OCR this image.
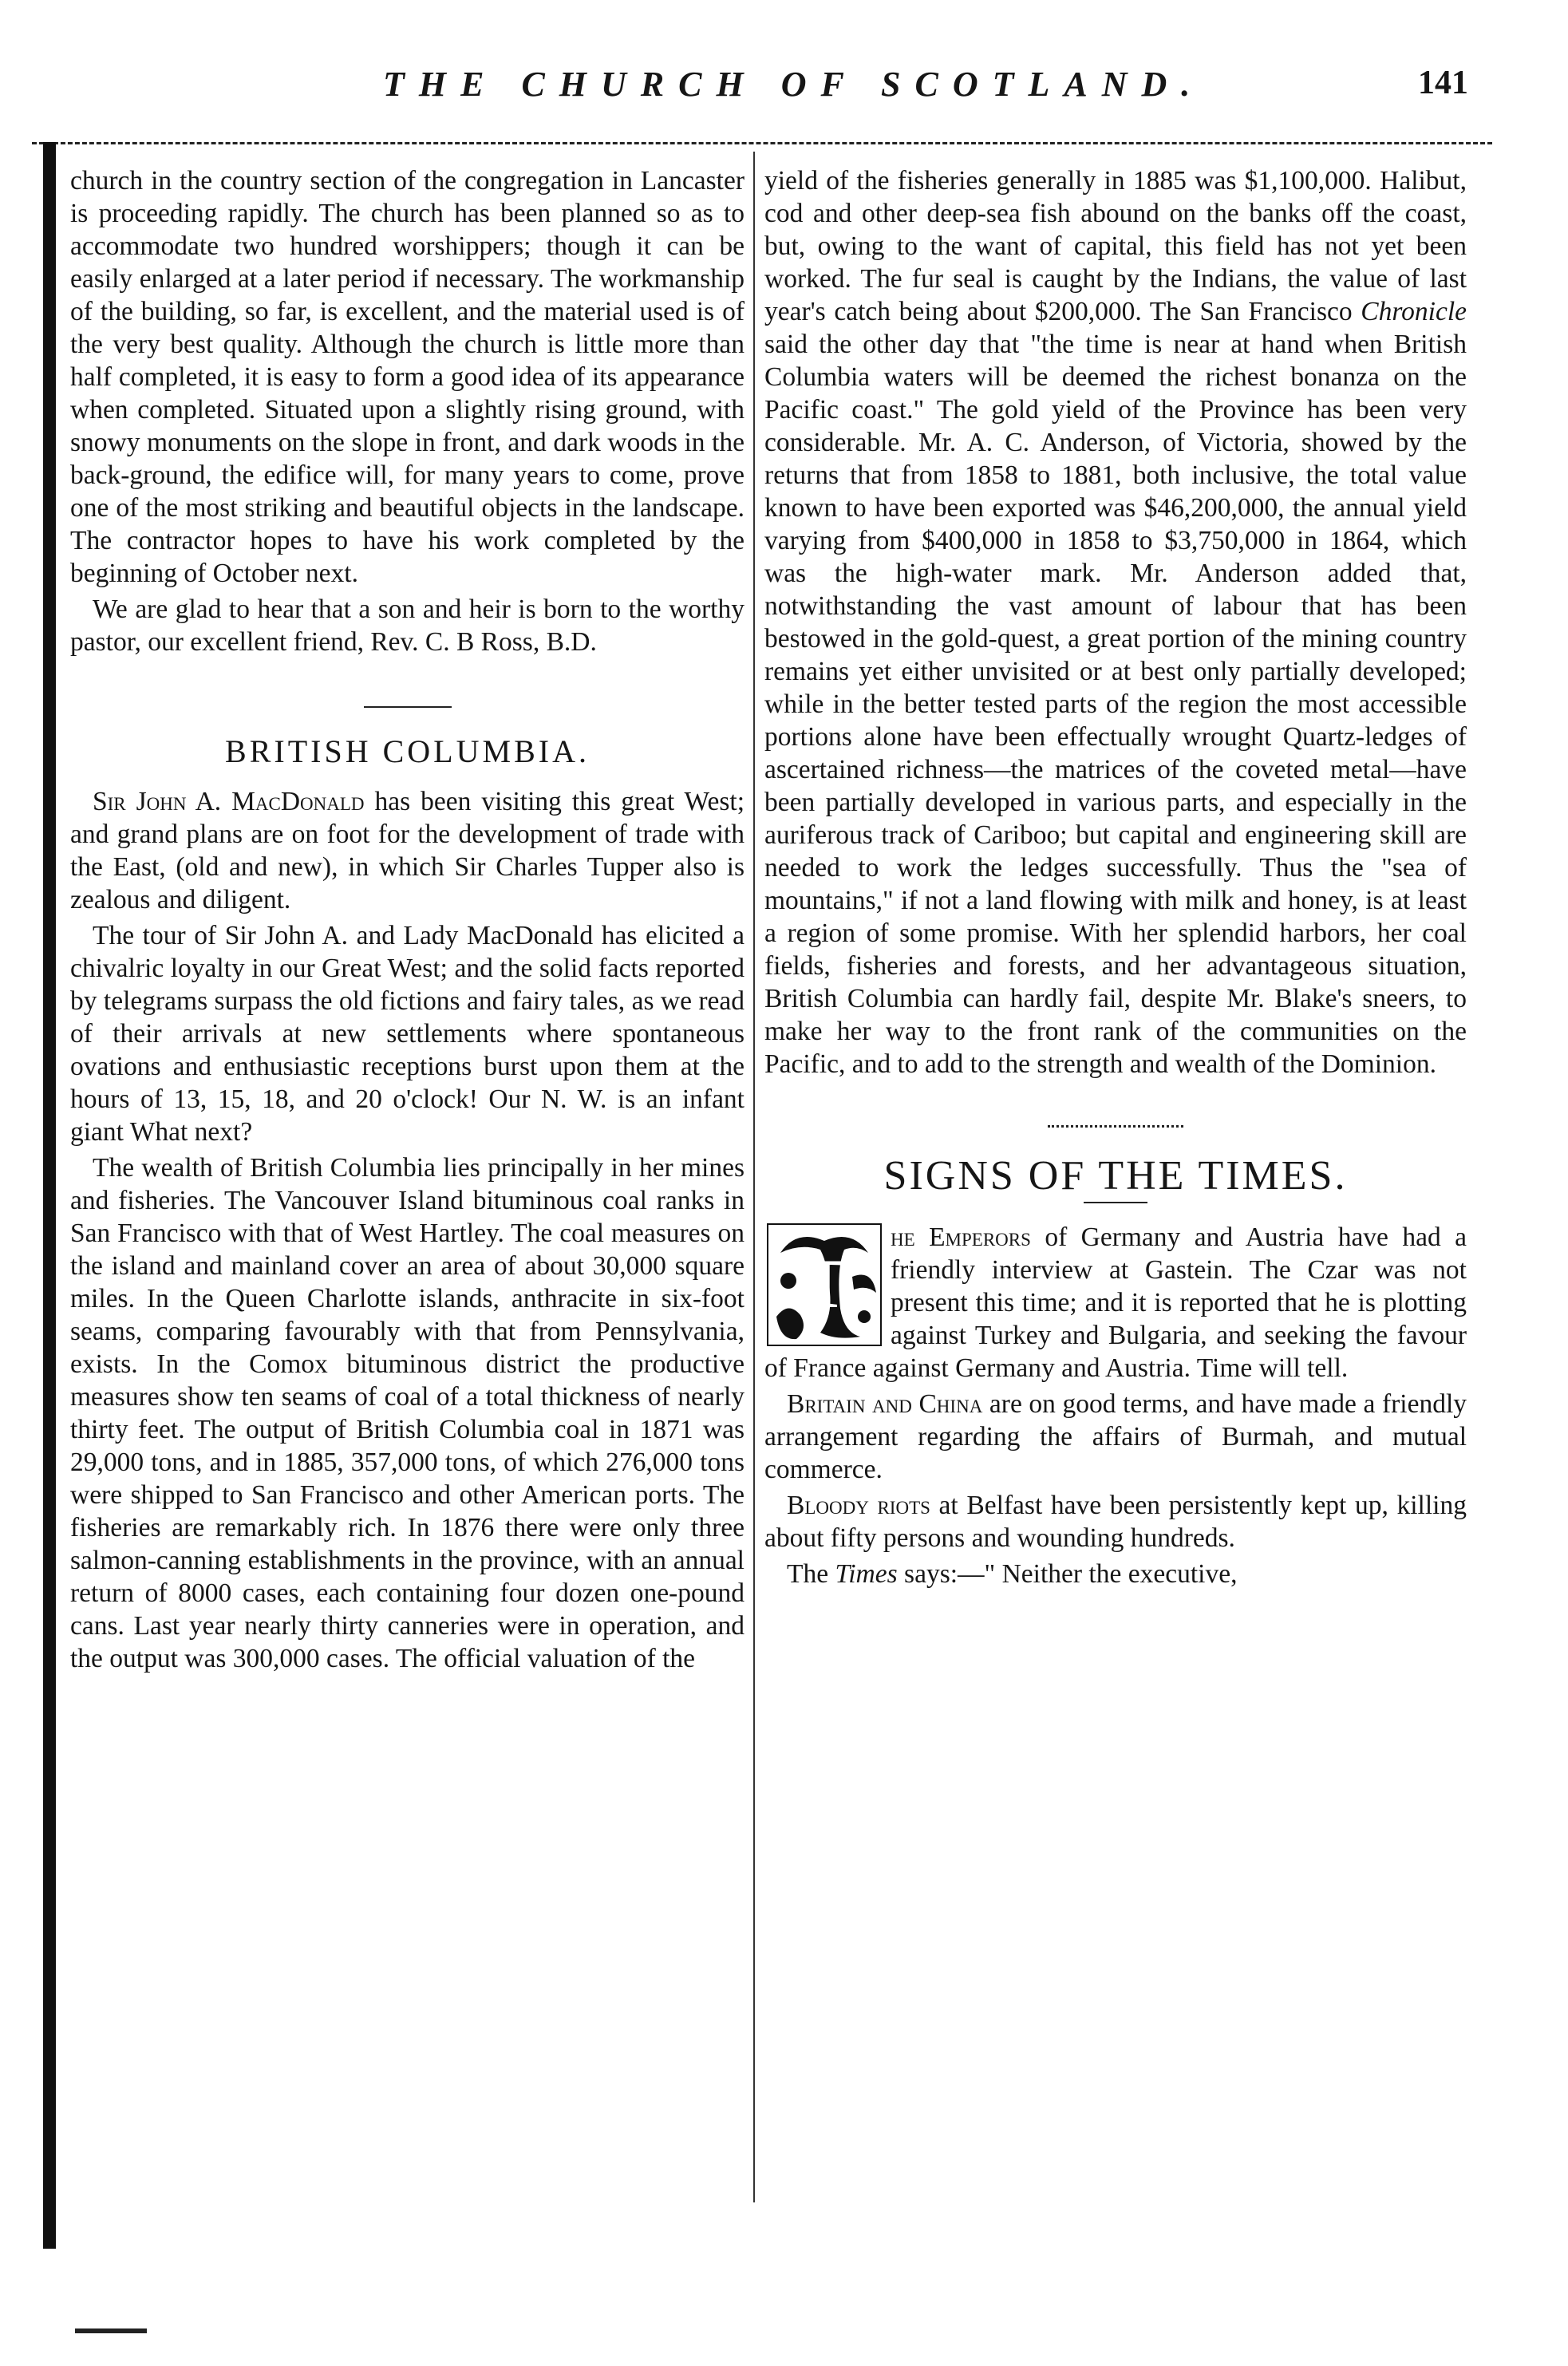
THE CHURCH OF SCOTLAND.	141

church in the country section of the congregation in Lancaster is proceeding rapidly. The church has been planned so as to accommodate two hundred worshippers; though it can be easily enlarged at a later period if necessary. The workmanship of the building, so far, is excellent, and the material used is of the very best quality. Although the church is little more than half completed, it is easy to form a good idea of its appearance when completed. Situated upon a slightly rising ground, with snowy monuments on the slope in front, and dark woods in the back-ground, the edifice will, for many years to come, prove one of the most striking and beautiful objects in the landscape. The contractor hopes to have his work completed by the beginning of October next.

We are glad to hear that a son and heir is born to the worthy pastor, our excellent friend, Rev. C. B Ross, B.D.

BRITISH COLUMBIA.

Sir John A. MacDonald has been visiting this great West; and grand plans are on foot for the development of trade with the East, (old and new), in which Sir Charles Tupper also is zealous and diligent.

The tour of Sir John A. and Lady MacDonald has elicited a chivalric loyalty in our Great West; and the solid facts reported by telegrams surpass the old fictions and fairy tales, as we read of their arrivals at new settlements where spontaneous ovations and enthusiastic receptions burst upon them at the hours of 13, 15, 18, and 20 o'clock! Our N. W. is an infant giant What next?

The wealth of British Columbia lies principally in her mines and fisheries. The Vancouver Island bituminous coal ranks in San Francisco with that of West Hartley. The coal measures on the island and mainland cover an area of about 30,000 square miles. In the Queen Charlotte islands, anthracite in six-foot seams, comparing favourably with that from Pennsylvania, exists. In the Comox bituminous district the productive measures show ten seams of coal of a total thickness of nearly thirty feet. The output of British Columbia coal in 1871 was 29,000 tons, and in 1885, 357,000 tons, of which 276,000 tons were shipped to San Francisco and other American ports. The fisheries are remarkably rich. In 1876 there were only three salmon-canning establishments in the province, with an annual return of 8000 cases, each containing four dozen one-pound cans. Last year nearly thirty canneries were in operation, and the output was 300,000 cases. The official valuation of the

yield of the fisheries generally in 1885 was $1,100,000. Halibut, cod and other deep-sea fish abound on the banks off the coast, but, owing to the want of capital, this field has not yet been worked. The fur seal is caught by the Indians, the value of last year's catch being about $200,000. The San Francisco Chronicle said the other day that "the time is near at hand when British Columbia waters will be deemed the richest bonanza on the Pacific coast." The gold yield of the Province has been very considerable. Mr. A. C. Anderson, of Victoria, showed by the returns that from 1858 to 1881, both inclusive, the total value known to have been exported was $46,200,000, the annual yield varying from $400,000 in 1858 to $3,750,000 in 1864, which was the high-water mark. Mr. Anderson added that, notwithstanding the vast amount of labour that has been bestowed in the gold-quest, a great portion of the mining country remains yet either unvisited or at best only partially developed; while in the better tested parts of the region the most accessible portions alone have been effectually wrought Quartz-ledges of ascertained richness—the matrices of the coveted metal—have been partially developed in various parts, and especially in the auriferous track of Cariboo; but capital and engineering skill are needed to work the ledges successfully. Thus the "sea of mountains," if not a land flowing with milk and honey, is at least a region of some promise. With her splendid harbors, her coal fields, fisheries and forests, and her advantageous situation, British Columbia can hardly fail, despite Mr. Blake's sneers, to make her way to the front rank of the communities on the Pacific, and to add to the strength and wealth of the Dominion.

SIGNS OF THE TIMES.

T
he Emperors of Germany and Austria have had a friendly interview at Gastein. The Czar was not present this time; and it is reported that he is plotting against Turkey and Bulgaria, and seeking the favour of France against Germany and Austria. Time will tell.

Britain and China are on good terms, and have made a friendly arrangement regarding the affairs of Burmah, and mutual commerce.

Bloody riots at Belfast have been persistently kept up, killing about fifty persons and wounding hundreds.

The Times says:—" Neither the executive,
